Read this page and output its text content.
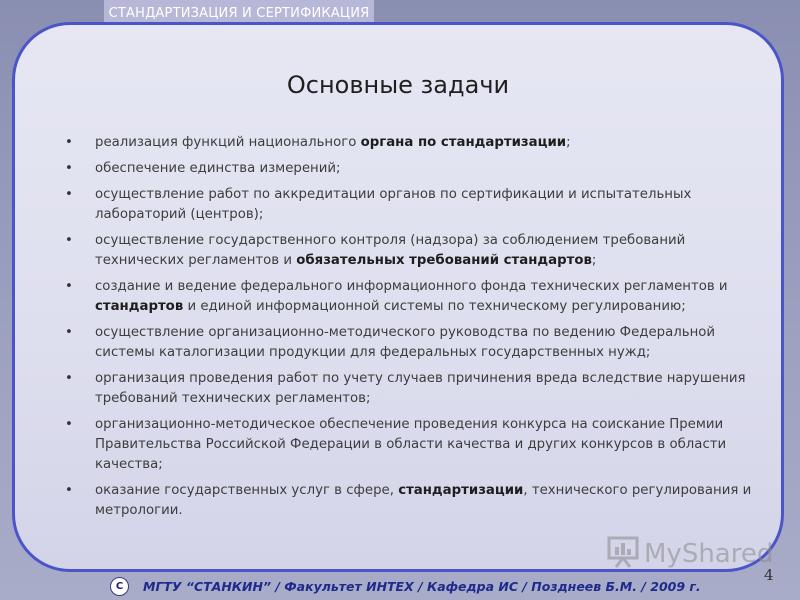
СТАНДАРТИЗАЦИЯ И СЕРТИФИКАЦИЯ
Основные задачи
• реализация функций национального органа по стандартизации;
• обеспечение единства измерений;
• осуществление работ по аккредитации органов по сертификации и испытательных лабораторий (центров);
• осуществление государственного контроля (надзора) за соблюдением требований технических регламентов и обязательных требований стандартов;
• создание и ведение федерального информационного фонда технических регламентов и стандартов и единой информационной системы по техническому регулированию;
• осуществление организационно-методического руководства по ведению Федеральной системы каталогизации продукции для федеральных государственных нужд;
• организация проведения работ по учету случаев причинения вреда вследствие нарушения требований технических регламентов;
• организационно-методическое обеспечение проведения конкурса на соискание Премии Правительства Российской Федерации в области качества и других конкурсов в области качества;
• оказание государственных услуг в сфере, стандартизации, технического регулирования и метрологии.
MyShared
4
С	МГТУ “СТАНКИН” / Факультет ИНТЕХ / Кафедра ИС / Позднеев Б.М. / 2009 г.
